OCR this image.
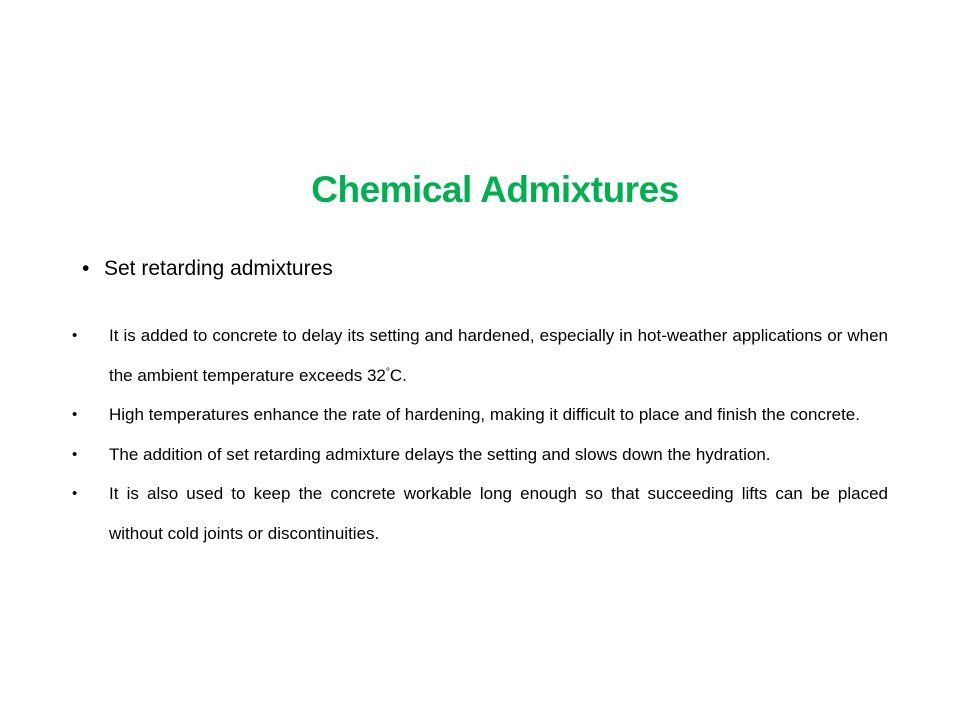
Chemical Admixtures
• Set retarding admixtures
•	It is added to concrete to delay its setting and hardened, especially in hot-weather applications or when the ambient temperature exceeds 32°C.
•	High temperatures enhance the rate of hardening, making it difficult to place and finish the concrete.
•	The addition of set retarding admixture delays the setting and slows down the hydration.
•	It is also used to keep the concrete workable long enough so that succeeding lifts can be placed without cold joints or discontinuities.
